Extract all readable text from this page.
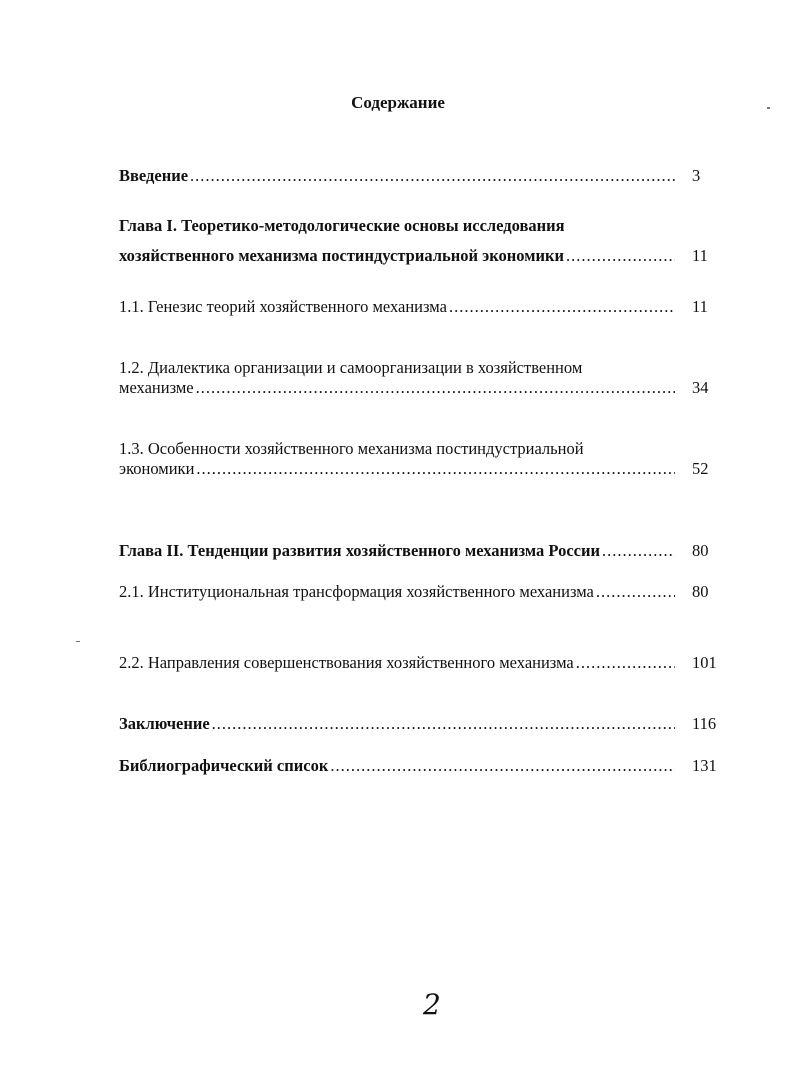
Содержание
Введение .....	3
Глава I. Теоретико-методологические основы исследования
хозяйственного механизма постиндустриальной экономики .....	11
1.1. Генезис теорий хозяйственного механизма .....	11
1.2. Диалектика организации и самоорганизации в хозяйственном
механизме .....	34
1.3. Особенности хозяйственного механизма постиндустриальной
экономики .....	52
Глава II. Тенденции развития хозяйственного механизма России .....	80
2.1. Институциональная трансформация хозяйственного механизма .....	80
2.2. Направления совершенствования хозяйственного механизма .....	101
Заключение .....	116
Библиографический список .....	131
2
